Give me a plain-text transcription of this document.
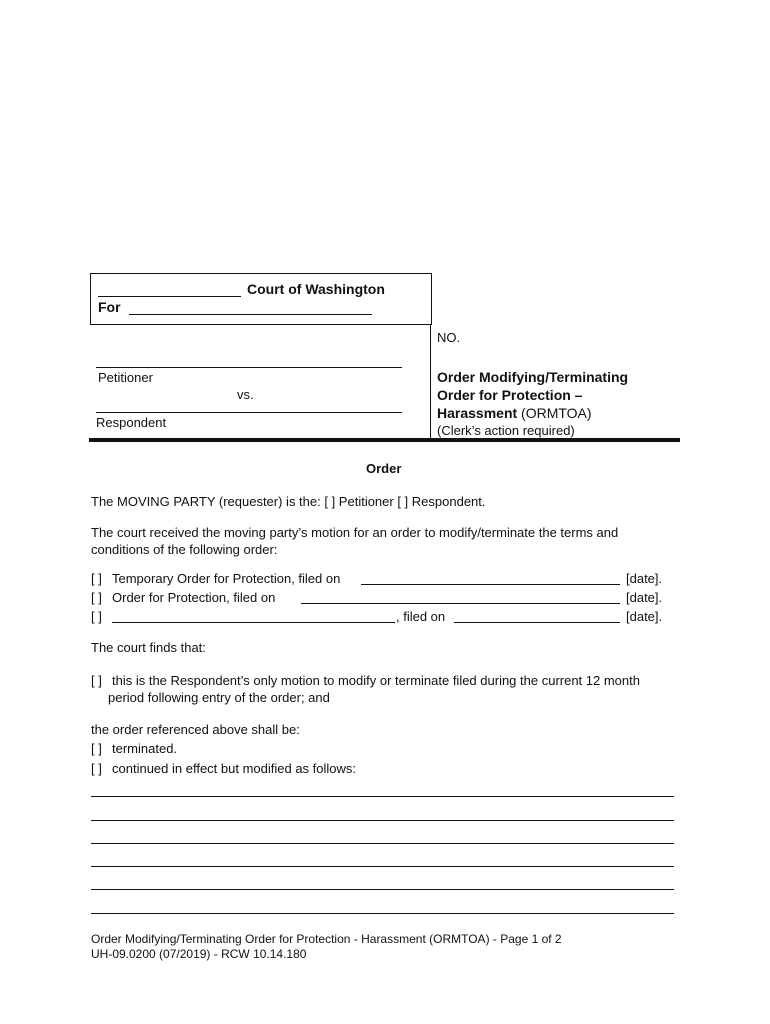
Court of Washington
For
Petitioner
vs.
Respondent
NO.
Order Modifying/Terminating
Order for Protection –
Harassment (ORMTOA)
(Clerk’s action required)
Order
The MOVING PARTY (requester) is the: [ ] Petitioner [ ] Respondent.
The court received the moving party’s motion for an order to modify/terminate the terms and
conditions of the following order:
[ ] Temporary Order for Protection, filed on	[date].
[ ] Order for Protection, filed on	[date].
[ ]	, filed on	[date].
The court finds that:
[ ] this is the Respondent’s only motion to modify or terminate filed during the current 12 month
period following entry of the order; and
the order referenced above shall be:
[ ] terminated.
[ ] continued in effect but modified as follows:
Order Modifying/Terminating Order for Protection - Harassment (ORMTOA) - Page 1 of 2
UH-09.0200 (07/2019) - RCW 10.14.180
